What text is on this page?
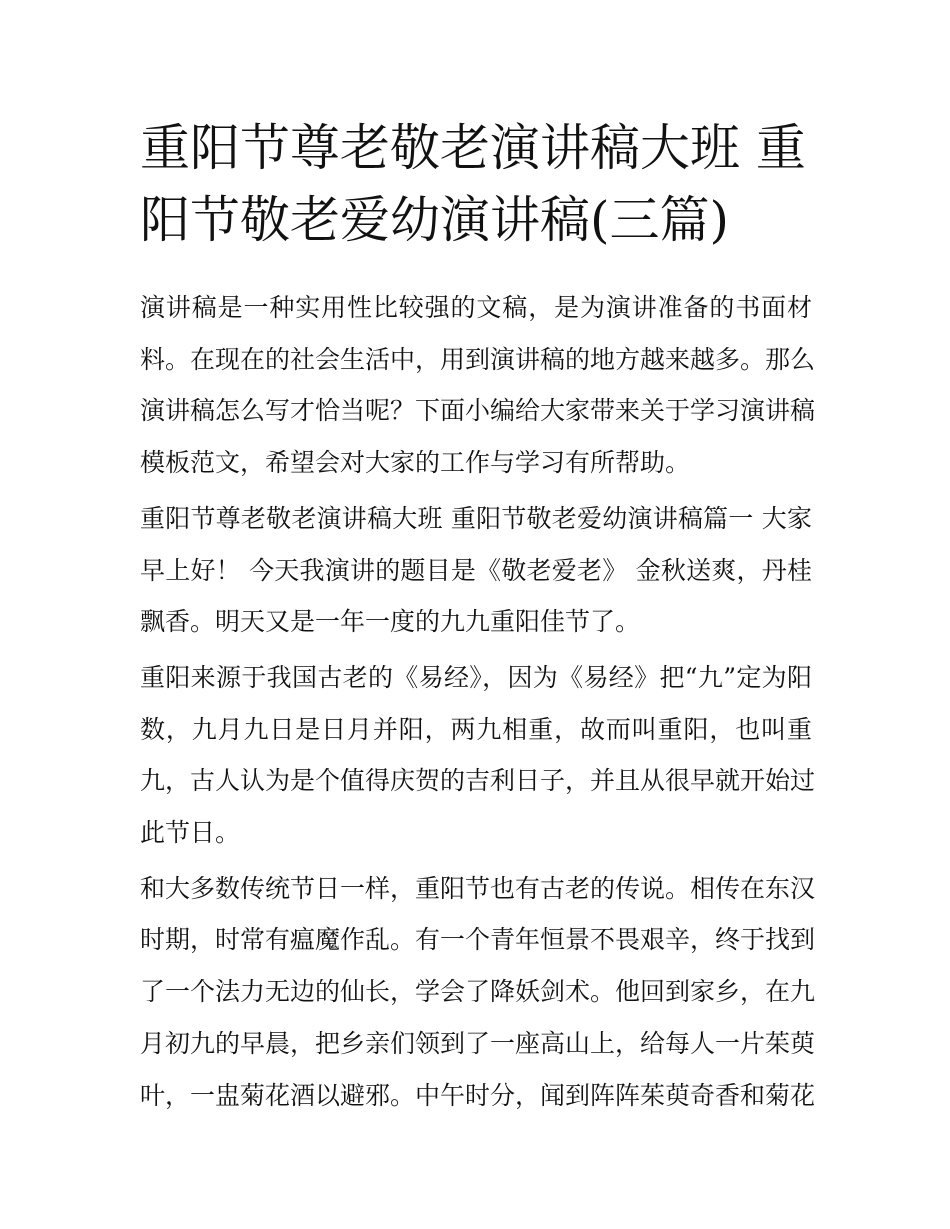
重阳节尊老敬老演讲稿大班 重
阳节敬老爱幼演讲稿(三篇)
演讲稿是一种实用性比较强的文稿，是为演讲准备的书面材
料。在现在的社会生活中，用到演讲稿的地方越来越多。那么
演讲稿怎么写才恰当呢？下面小编给大家带来关于学习演讲稿
模板范文，希望会对大家的工作与学习有所帮助。
重阳节尊老敬老演讲稿大班 重阳节敬老爱幼演讲稿篇一 大家
早上好！ 今天我演讲的题目是《敬老爱老》 金秋送爽，丹桂
飘香。明天又是一年一度的九九重阳佳节了。
重阳来源于我国古老的《易经》，因为《易经》把“九”定为阳
数，九月九日是日月并阳，两九相重，故而叫重阳，也叫重
九，古人认为是个值得庆贺的吉利日子，并且从很早就开始过
此节日。
和大多数传统节日一样，重阳节也有古老的传说。相传在东汉
时期，时常有瘟魔作乱。有一个青年恒景不畏艰辛，终于找到
了一个法力无边的仙长，学会了降妖剑术。他回到家乡，在九
月初九的早晨，把乡亲们领到了一座高山上，给每人一片茱萸
叶，一盅菊花酒以避邪。中午时分，闻到阵阵茱萸奇香和菊花
